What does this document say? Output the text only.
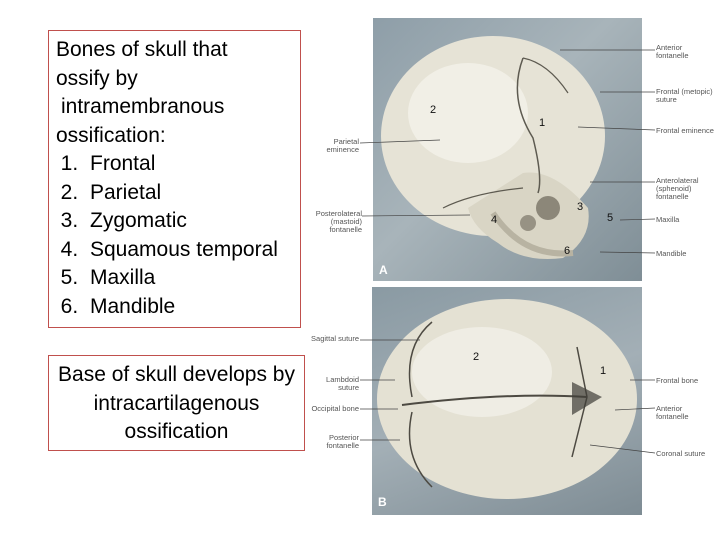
Bones of skull that
ossify by
intramembranous
ossification:
1. Frontal
2. Parietal
3. Zygomatic
4. Squamous temporal
5. Maxilla
6. Mandible
Base of skull develops by
intracartilagenous
ossification
A
B
2
1
3
4	5
6
2
1
Anterior fontanelle
Frontal (metopic) suture
Frontal eminence
Anterolateral (sphenoid) fontanelle
Maxilla
Mandible
Parietal eminence
Posterolateral (mastoid) fontanelle
Frontal bone
Anterior fontanelle
Coronal suture
Sagittal suture
Lambdoid suture
Occipital bone
Posterior fontanelle
